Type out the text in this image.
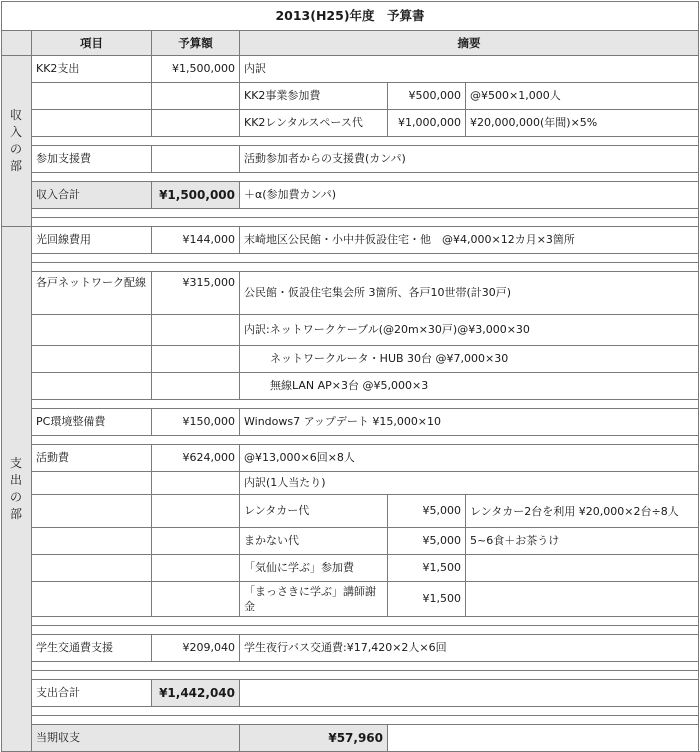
2013(H25)年度　予算書					
	項目	予算額	摘要		

収入の部	KK2支出	¥1,500,000	内訳		
			KK2事業参加費	¥500,000	@¥500×1,000人
			KK2レンタルスペース代	¥1,000,000	¥20,000,000(年間)×5%

	参加支援費		活動参加者からの支援費(カンパ)		

	収入合計	¥1,500,000	＋α(参加費カンパ)		

支出の部	光回線費用	¥144,000	末崎地区公民館・小中井仮設住宅・他　@¥4,000×12カ月×3箇所		

	各戸ネットワーク配線	¥315,000	公民館・仮設住宅集会所 3箇所、各戸10世帯(計30戸)		
			内訳:ネットワークケーブル(@20m×30戸)@¥3,000×30		
			ネットワークルータ・HUB 30台 @¥7,000×30		
			無線LAN AP×3台 @¥5,000×3		

	PC環境整備費	¥150,000	Windows7 アップデート ¥15,000×10		

	活動費	¥624,000	@¥13,000×6回×8人		
			内訳(1人当たり)		
			レンタカー代	¥5,000	レンタカー2台を利用 ¥20,000×2台÷8人

			まかない代	¥5,000	5~6食＋お茶うけ
			「気仙に学ぶ」参加費	¥1,500	

			「まっさきに学ぶ」講師謝金	¥1,500	

	学生交通費支援	¥209,040	学生夜行バス交通費:¥17,420×2人×6回		

	支出合計	¥1,442,040			

	当期収支		¥57,960		
